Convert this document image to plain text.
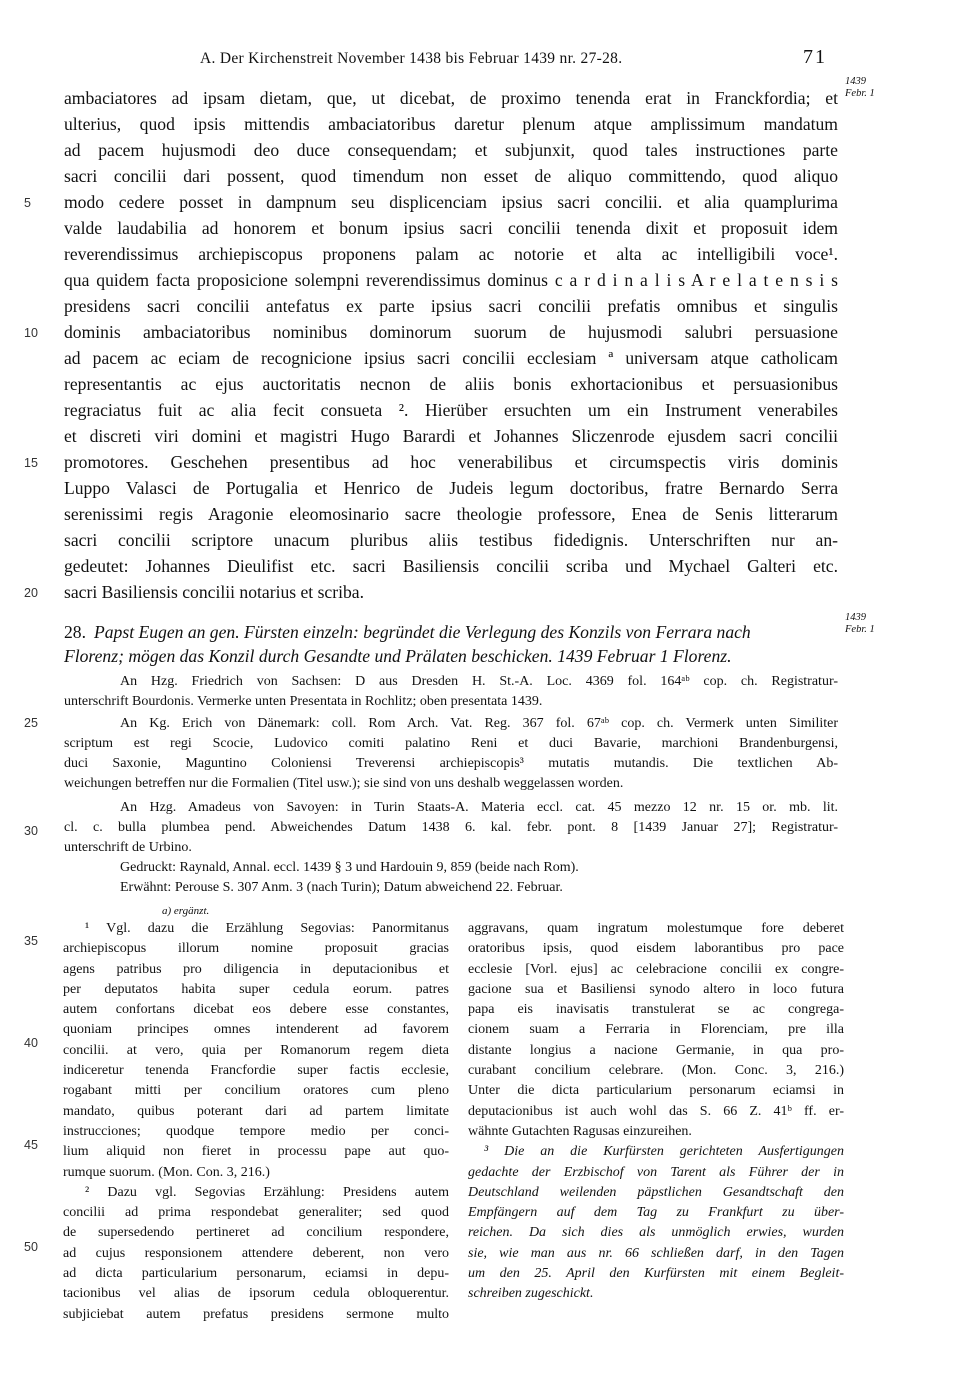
A. Der Kirchenstreit November 1438 bis Februar 1439 nr. 27-28.	71
1439
Febr. 1
1439
Febr. 1
ambaciatores ad ipsam dietam, que, ut dicebat, de proximo tenenda erat in Franckfordia; et
ulterius, quod ipsis mittendis ambaciatoribus daretur plenum atque amplissimum mandatum
ad pacem hujusmodi deo duce consequendam; et subjunxit, quod tales instructiones parte
sacri concilii dari possent, quod timendum non esset de aliquo committendo, quod aliquo
modo cedere posset in dampnum seu displicenciam ipsius sacri concilii. et alia quamplurima
valde laudabilia ad honorem et bonum ipsius sacri concilii tenenda dixit et proposuit idem
reverendissimus archiepiscopus proponens palam ac notorie et alta ac intelligibili voce¹.
qua quidem facta proposicione solempni reverendissimus dominus c a r d i n a l i s A r e l a t e n s i s
presidens sacri concilii antefatus ex parte ipsius sacri concilii prefatis omnibus et singulis
dominis ambaciatoribus nominibus dominorum suorum de hujusmodi salubri persuasione
ad pacem ac eciam de recognicione ipsius sacri concilii ecclesiam ª universam atque catholicam
representantis ac ejus auctoritatis necnon de aliis bonis exhortacionibus et persuasionibus
regraciatus fuit ac alia fecit consueta ². Hierüber ersuchten um ein Instrument venerabiles
et discreti viri domini et magistri Hugo Barardi et Johannes Sliczenrode ejusdem sacri concilii
promotores. Geschehen presentibus ad hoc venerabilibus et circumspectis viris dominis
Luppo Valasci de Portugalia et Henrico de Judeis legum doctoribus, fratre Bernardo Serra
serenissimi regis Aragonie eleomosinario sacre theologie professore, Enea de Senis litterarum
sacri concilii scriptore unacum pluribus aliis testibus fidedignis. Unterschriften nur an-
gedeutet: Johannes Dieulifist etc. sacri Basiliensis concilii scriba und Mychael Galteri etc.
sacri Basiliensis concilii notarius et scriba.
5
10
15
20
25
30
35
40
45
50
28. Papst Eugen an gen. Fürsten einzeln: begründet die Verlegung des Konzils von Ferrara nach
Florenz; mögen das Konzil durch Gesandte und Prälaten beschicken. 1439 Februar 1 Florenz.
An Hzg. Friedrich von Sachsen: D aus Dresden H. St.-A. Loc. 4369 fol. 164ᵃᵇ cop. ch. Registratur-
unterschrift Bourdonis. Vermerke unten Presentata in Rochlitz; oben presentata 1439.
An Kg. Erich von Dänemark: coll. Rom Arch. Vat. Reg. 367 fol. 67ᵃᵇ cop. ch. Vermerk unten Similiter
scriptum est regi Scocie, Ludovico comiti palatino Reni et duci Bavarie, marchioni Brandenburgensi,
duci Saxonie, Maguntino Coloniensi Treverensi archiepiscopis³ mutatis mutandis. Die textlichen Ab-
weichungen betreffen nur die Formalien (Titel usw.); sie sind von uns deshalb weggelassen worden.
An Hzg. Amadeus von Savoyen: in Turin Staats-A. Materia eccl. cat. 45 mezzo 12 nr. 15 or. mb. lit.
cl. c. bulla plumbea pend. Abweichendes Datum 1438 6. kal. febr. pont. 8 [1439 Januar 27]; Registratur-
unterschrift de Urbino.
Gedruckt: Raynald, Annal. eccl. 1439 § 3 und Hardouin 9, 859 (beide nach Rom).
Erwähnt: Perouse S. 307 Anm. 3 (nach Turin); Datum abweichend 22. Februar.
a) ergänzt.
¹ Vgl. dazu die Erzählung Segovias: Panormitanus
archiepiscopus illorum nomine proposuit gracias
agens patribus pro diligencia in deputacionibus et
per deputatos habita super cedula eorum. patres
autem confortans dicebat eos debere esse constantes,
quoniam principes omnes intenderent ad favorem
concilii. at vero, quia per Romanorum regem dieta
indiceretur tenenda Francfordie super factis ecclesie,
rogabant mitti per concilium oratores cum pleno
mandato, quibus poterant dari ad partem limitate
instrucciones; quodque tempore medio per conci-
lium aliquid non fieret in processu pape aut quo-
rumque suorum. (Mon. Con. 3, 216.)
² Dazu vgl. Segovias Erzählung: Presidens autem
concilii ad prima respondebat generaliter; sed quod
de supersedendo pertineret ad concilium respondere,
ad cujus responsionem attendere deberent, non vero
ad dicta particularium personarum, eciamsi in depu-
tacionibus vel alias de ipsorum cedula obloquerentur.
subjiciebat autem prefatus presidens sermone multo
aggravans, quam ingratum molestumque fore deberet
oratoribus ipsis, quod eisdem laborantibus pro pace
ecclesie [Vorl. ejus] ac celebracione concilii ex congre-
gacione sua et Basiliensi synodo altero in loco futura
papa eis inavisatis transtulerat se ac congrega-
cionem suam a Ferraria in Florenciam, pre illa
distante longius a nacione Germanie, in qua pro-
curabant concilium celebrare. (Mon. Conc. 3, 216.)
Unter die dicta particularium personarum eciamsi in
deputacionibus ist auch wohl das S. 66 Z. 41ᵇ ff. er-
wähnte Gutachten Ragusas einzureihen.
³ Die an die Kurfürsten gerichteten Ausfertigungen
gedachte der Erzbischof von Tarent als Führer der in
Deutschland weilenden päpstlichen Gesandtschaft den
Empfängern auf dem Tag zu Frankfurt zu über-
reichen. Da sich dies als unmöglich erwies, wurden
sie, wie man aus nr. 66 schließen darf, in den Tagen
um den 25. April den Kurfürsten mit einem Begleit-
schreiben zugeschickt.
